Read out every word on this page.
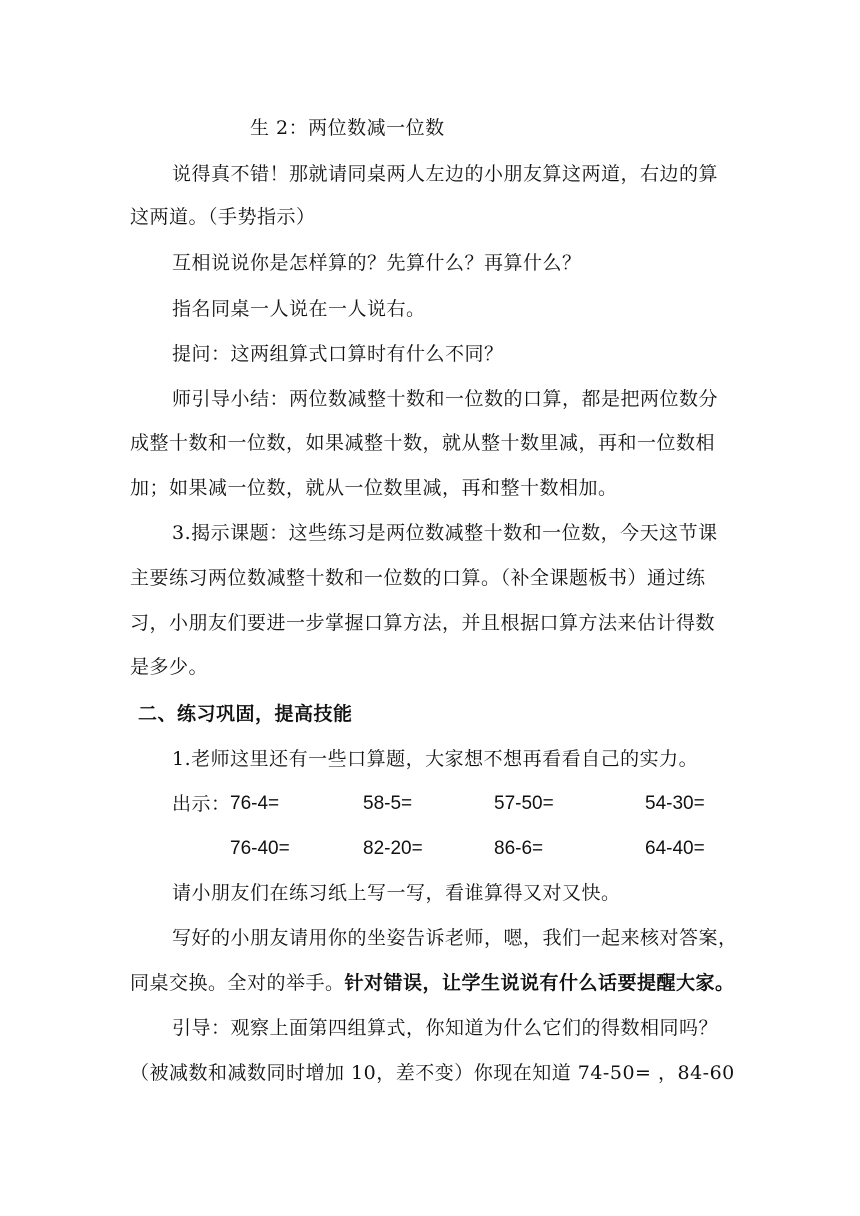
生 2：两位数减一位数
说得真不错！那就请同桌两人左边的小朋友算这两道，右边的算
这两道。（手势指示）
互相说说你是怎样算的？先算什么？再算什么？
指名同桌一人说在一人说右。
提问：这两组算式口算时有什么不同？
师引导小结：两位数减整十数和一位数的口算，都是把两位数分
成整十数和一位数，如果减整十数，就从整十数里减，再和一位数相
加；如果减一位数，就从一位数里减，再和整十数相加。
3.揭示课题：这些练习是两位数减整十数和一位数，今天这节课
主要练习两位数减整十数和一位数的口算。（补全课题板书）通过练
习，小朋友们要进一步掌握口算方法，并且根据口算方法来估计得数
是多少。
二、练习巩固，提高技能
1.老师这里还有一些口算题，大家想不想再看看自己的实力。
出示： 76-4=	58-5=	57-50=	54-30=
76-40=	82-20=	86-6=	64-40=
请小朋友们在练习纸上写一写，看谁算得又对又快。
写好的小朋友请用你的坐姿告诉老师，嗯，我们一起来核对答案，
同桌交换。全对的举手。针对错误，让学生说说有什么话要提醒大家。
引导：观察上面第四组算式，你知道为什么它们的得数相同吗？
（被减数和减数同时增加 10，差不变）你现在知道 74-50= ，84-60
